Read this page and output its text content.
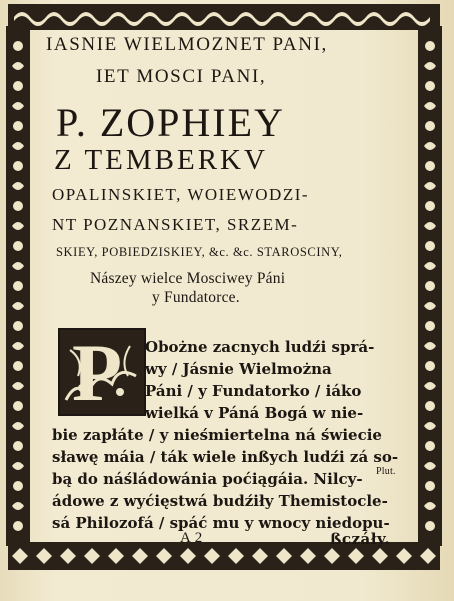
IASNIE WIELMOZNET PANI,
IET MOSCI PANI,
P. ZOPHIEY
Z TEMBERKV
OPALINSKIET, WOIEWODZI-
NT POZNANSKIET, SRZEM-
SKIEY, POBIEDZISKIEY, &c. &c. STAROSCINY,
Nászey wielce Mosciwey Páni
y Fundatorce.
P Obożne zacnych ludźi sprá-
wy / Jásnie Wielmożna
Páni / y Fundatorko / iáko
wielká v Páná Bogá w nie-
bie zapłáte / y nieśmiertelna ná świecie
sławę máia / ták wiele inßych ludźi zá so-
bą do náśládowánia poćiągáia. Nilcy-
ádowe z wyćięstwá budźiły Themistocle-
sá Philozofá / spáć mu y wnocy niedopu-
A 2	ßczáły.
Plut.
